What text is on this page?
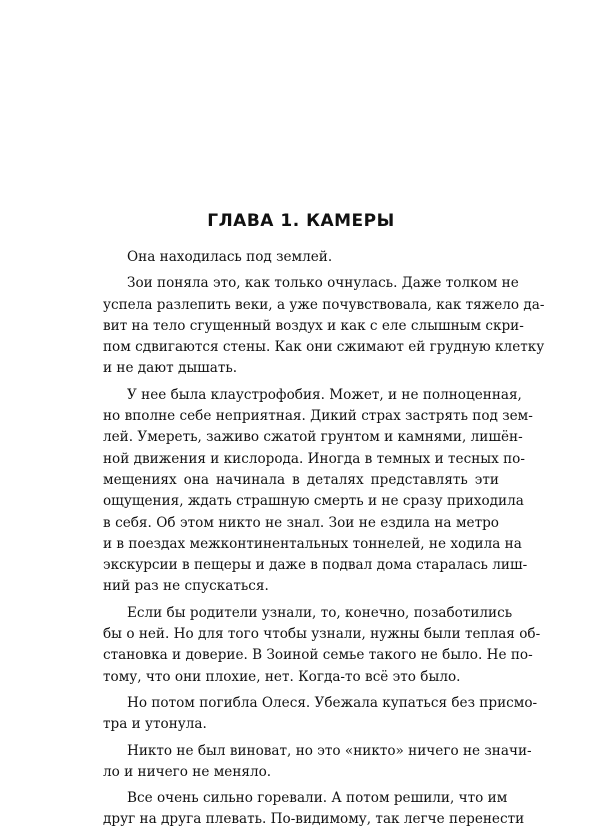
ГЛАВА 1. КАМЕРЫ

Она находилась под землей.

Зои поняла это, как только очнулась. Даже толком не
успела разлепить веки, а уже почувствовала, как тяжело да-
вит на тело сгущенный воздух и как с еле слышным скри-
пом сдвигаются стены. Как они сжимают ей грудную клетку
и не дают дышать.

У нее была клаустрофобия. Может, и не полноценная,
но вполне себе неприятная. Дикий страх застрять под зем-
лей. Умереть, заживо сжатой грунтом и камнями, лишён-
ной движения и кислорода. Иногда в темных и тесных по-
мещениях она начинала в деталях представлять эти
ощущения, ждать страшную смерть и не сразу приходила
в себя. Об этом никто не знал. Зои не ездила на метро
и в поездах межконтинентальных тоннелей, не ходила на
экскурсии в пещеры и даже в подвал дома старалась лиш-
ний раз не спускаться.

Если бы родители узнали, то, конечно, позаботились
бы о ней. Но для того чтобы узнали, нужны были теплая об-
становка и доверие. В Зоиной семье такого не было. Не по-
тому, что они плохие, нет. Когда-то всё это было.

Но потом погибла Олеся. Убежала купаться без присмо-
тра и утонула.

Никто не был виноват, но это «никто» ничего не значи-
ло и ничего не меняло.

Все очень сильно горевали. А потом решили, что им
друг на друга плевать. По-видимому, так легче перенести
